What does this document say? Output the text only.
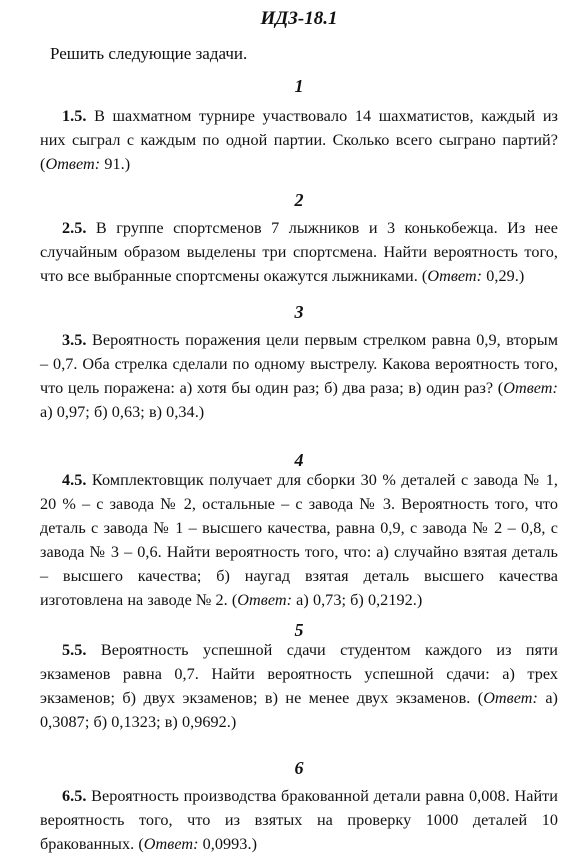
ИДЗ-18.1
Решить следующие задачи.
1
1.5. В шахматном турнире участвовало 14 шахматистов, каждый из них сыграл с каждым по одной партии. Сколько всего сыграно партий? (Ответ: 91.)
2
2.5. В группе спортсменов 7 лыжников и 3 конькобежца. Из нее случайным образом выделены три спортсмена. Найти вероятность того, что все выбранные спортсмены окажутся лыжниками. (Ответ: 0,29.)
3
3.5. Вероятность поражения цели первым стрелком равна 0,9, вторым – 0,7. Оба стрелка сделали по одному выстрелу. Какова вероятность того, что цель поражена: а) хотя бы один раз; б) два раза; в) один раз? (Ответ: а) 0,97; б) 0,63; в) 0,34.)
4
4.5. Комплектовщик получает для сборки 30 % деталей с завода № 1, 20 % – с завода № 2, остальные – с завода № 3. Вероятность того, что деталь с завода № 1 – высшего качества, равна 0,9, с завода № 2 – 0,8, с завода № 3 – 0,6. Найти вероятность того, что: а) случайно взятая деталь – высшего качества; б) наугад взятая деталь высшего качества изготовлена на заводе № 2. (Ответ: а) 0,73; б) 0,2192.)
5
5.5. Вероятность успешной сдачи студентом каждого из пяти экзаменов равна 0,7. Найти вероятность успешной сдачи: а) трех экзаменов; б) двух экзаменов; в) не менее двух экзаменов. (Ответ: а) 0,3087; б) 0,1323; в) 0,9692.)
6
6.5. Вероятность производства бракованной детали равна 0,008. Найти вероятность того, что из взятых на проверку 1000 деталей 10 бракованных. (Ответ: 0,0993.)
